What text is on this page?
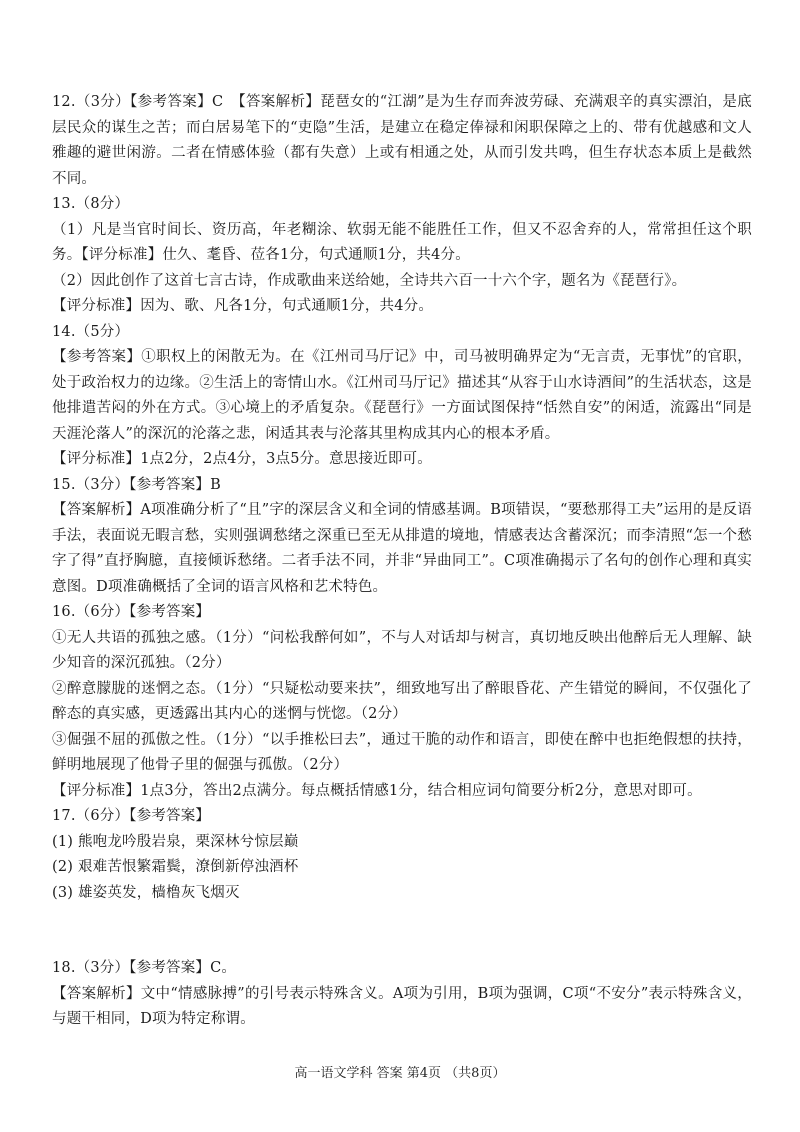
12.（3分）【参考答案】C　【答案解析】琵琶女的“江湖”是为生存而奔波劳碌、充满艰辛的真实漂泊，是底层民众的谋生之苦；而白居易笔下的“吏隐”生活，是建立在稳定俸禄和闲职保障之上的、带有优越感和文人雅趣的避世闲游。二者在情感体验（都有失意）上或有相通之处，从而引发共鸣，但生存状态本质上是截然不同。

13.（8分）

（1）凡是当官时间长、资历高，年老糊涂、软弱无能不能胜任工作，但又不忍舍弃的人，常常担任这个职务。【评分标准】仕久、耄昏、莅各1分，句式通顺1分，共4分。

（2）因此创作了这首七言古诗，作成歌曲来送给她，全诗共六百一十六个字，题名为《琵琶行》。

【评分标准】因为、歌、凡各1分，句式通顺1分，共4分。

14.（5分）

【参考答案】①职权上的闲散无为。在《江州司马厅记》中，司马被明确界定为“无言责，无事忧”的官职，处于政治权力的边缘。②生活上的寄情山水。《江州司马厅记》描述其“从容于山水诗酒间”的生活状态，这是他排遣苦闷的外在方式。③心境上的矛盾复杂。《琵琶行》一方面试图保持“恬然自安”的闲适，流露出“同是天涯沦落人”的深沉的沦落之悲，闲适其表与沦落其里构成其内心的根本矛盾。

【评分标准】1点2分，2点4分，3点5分。意思接近即可。

15.（3分）【参考答案】B

【答案解析】A项准确分析了“且”字的深层含义和全词的情感基调。B项错误，“要愁那得工夫”运用的是反语手法，表面说无暇言愁，实则强调愁绪之深重已至无从排遣的境地，情感表达含蓄深沉；而李清照“怎一个愁字了得”直抒胸臆，直接倾诉愁绪。二者手法不同，并非“异曲同工”。C项准确揭示了名句的创作心理和真实意图。D项准确概括了全词的语言风格和艺术特色。

16.（6分）【参考答案】

①无人共语的孤独之感。（1分）“问松我醉何如”，不与人对话却与树言，真切地反映出他醉后无人理解、缺少知音的深沉孤独。（2分）

②醉意朦胧的迷惘之态。（1分）“只疑松动要来扶”，细致地写出了醉眼昏花、产生错觉的瞬间，不仅强化了醉态的真实感，更透露出其内心的迷惘与恍惚。（2分）

③倔强不屈的孤傲之性。（1分）“以手推松曰去”，通过干脆的动作和语言，即使在醉中也拒绝假想的扶持，鲜明地展现了他骨子里的倔强与孤傲。（2分）

【评分标准】1点3分，答出2点满分。每点概括情感1分，结合相应词句简要分析2分，意思对即可。

17.（6分）【参考答案】

(1) 熊咆龙吟殷岩泉，栗深林兮惊层巅

(2) 艰难苦恨繁霜鬓，潦倒新停浊酒杯

(3) 雄姿英发，樯橹灰飞烟灭

18.（3分）【参考答案】C。

【答案解析】文中“情感脉搏”的引号表示特殊含义。A项为引用，B项为强调，C项“不安分”表示特殊含义，与题干相同，D项为特定称谓。

高一语文学科 答案 第4页 （共8页）
